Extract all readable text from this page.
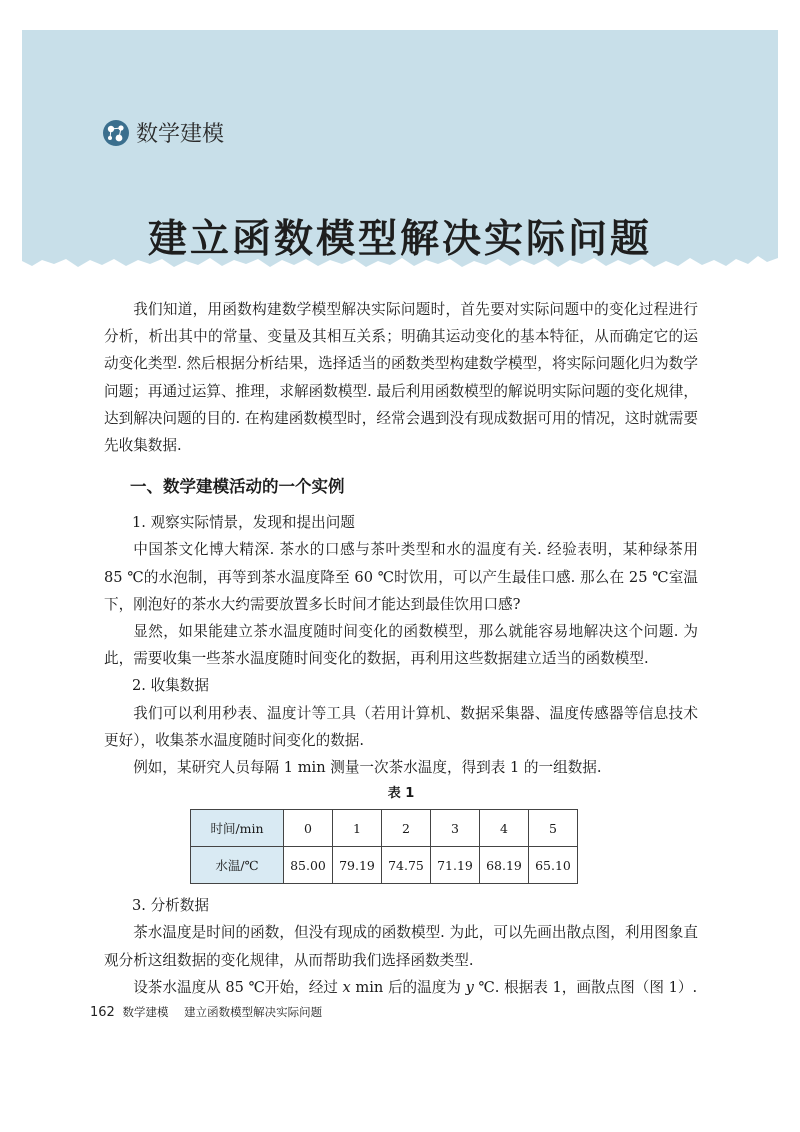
数学建模
建立函数模型解决实际问题

我们知道，用函数构建数学模型解决实际问题时，首先要对实际问题中的变化过程进行分析，析出其中的常量、变量及其相互关系；明确其运动变化的基本特征，从而确定它的运动变化类型. 然后根据分析结果，选择适当的函数类型构建数学模型，将实际问题化归为数学问题；再通过运算、推理，求解函数模型. 最后利用函数模型的解说明实际问题的变化规律，达到解决问题的目的. 在构建函数模型时，经常会遇到没有现成数据可用的情况，这时就需要先收集数据.

一、数学建模活动的一个实例

1. 观察实际情景，发现和提出问题

中国茶文化博大精深. 茶水的口感与茶叶类型和水的温度有关. 经验表明，某种绿茶用 85 ℃的水泡制，再等到茶水温度降至 60 ℃时饮用，可以产生最佳口感. 那么在 25 ℃室温下，刚泡好的茶水大约需要放置多长时间才能达到最佳饮用口感?

显然，如果能建立茶水温度随时间变化的函数模型，那么就能容易地解决这个问题. 为此，需要收集一些茶水温度随时间变化的数据，再利用这些数据建立适当的函数模型.

2. 收集数据

我们可以利用秒表、温度计等工具（若用计算机、数据采集器、温度传感器等信息技术更好），收集茶水温度随时间变化的数据.

例如，某研究人员每隔 1 min 测量一次茶水温度，得到表 1 的一组数据.

表 1
时间/min	0	1	2	3	4	5
水温/℃	85.00	79.19	74.75	71.19	68.19	65.10

3. 分析数据

茶水温度是时间的函数，但没有现成的函数模型. 为此，可以先画出散点图，利用图象直观分析这组数据的变化规律，从而帮助我们选择函数类型.

设茶水温度从 85 ℃开始，经过 x min 后的温度为 y ℃. 根据表 1，画散点图（图 1）.

162 数学建模 建立函数模型解决实际问题
